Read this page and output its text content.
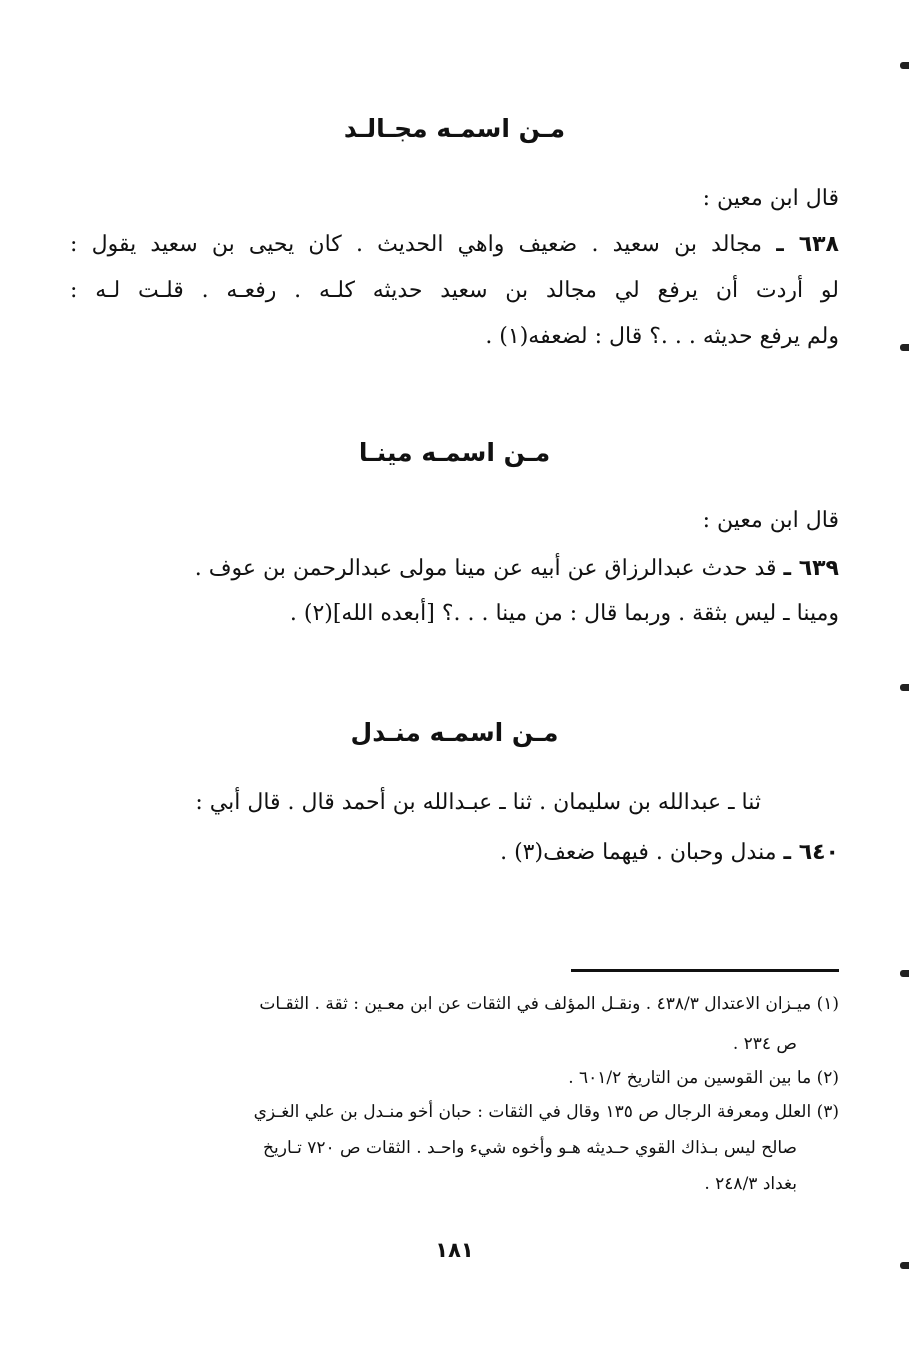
مـن اسمـه مجـالـد
قال ابن معين :
٦٣٨ ـ مجالد بن سعيد . ضعيف واهي الحديث . كان يحيى بن سعيد يقول :
لو أردت أن يرفع لي مجالد بن سعيد حديثه كلـه . رفعـه . قلـت لـه :
ولم يرفع حديثه . . .؟ قال : لضعفه(١) .
مـن اسمـه مينـا
قال ابن معين :
٦٣٩ ـ قد حدث عبدالرزاق عن أبيه عن مينا مولى عبدالرحمن بن عوف .
ومينا ـ ليس بثقة . وربما قال : من مينا . . .؟ [أبعده الله](٢) .
مـن اسمـه منـدل
ثنا ـ عبدالله بن سليمان . ثنا ـ عبـدالله بن أحمد قال . قال أبي :
٦٤٠ ـ مندل وحبان . فيهما ضعف(٣) .
(١) ميـزان الاعتدال ٤٣٨/٣ . ونقـل المؤلف في الثقات عن ابن معـين : ثقة . الثقـات
ص ٢٣٤ .
(٢) ما بين القوسين من التاريخ ٦٠١/٢ .
(٣) العلل ومعرفة الرجال ص ١٣٥ وقال في الثقات : حبان أخو منـدل بن علي الغـزي
صالح ليس بـذاك القوي حـديثه هـو وأخوه شيء واحـد . الثقات ص ٧٢٠ تـاريخ
بغداد ٢٤٨/٣ .
١٨١
